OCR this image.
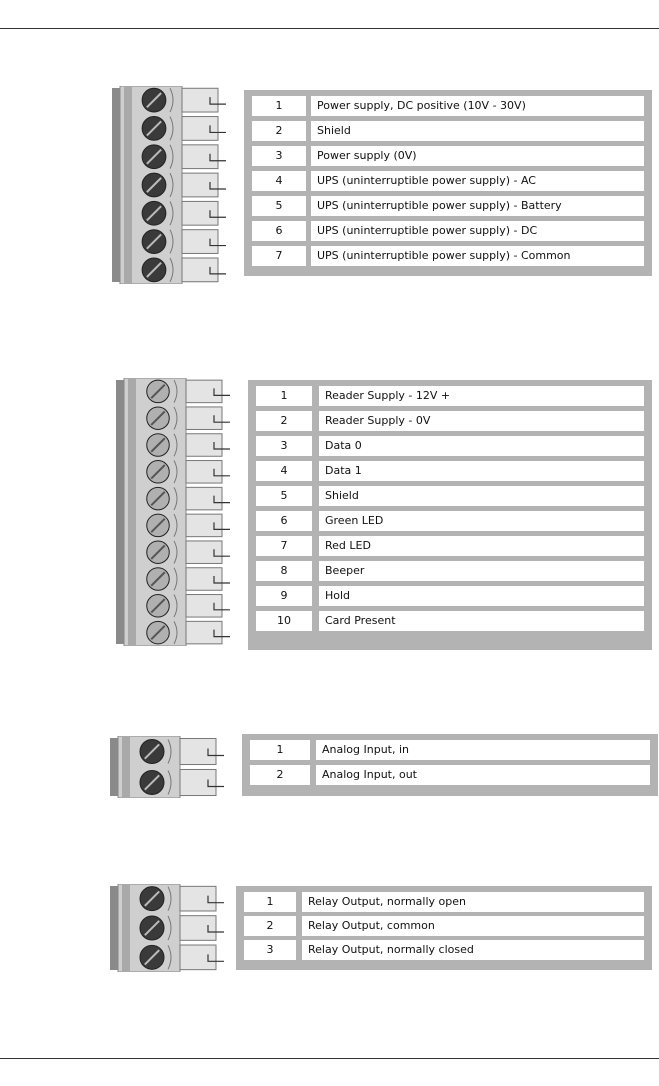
1	Power supply, DC positive (10V - 30V)
2	Shield
3	Power supply (0V)
4	UPS (uninterruptible power supply) - AC
5	UPS (uninterruptible power supply) - Battery
6	UPS (uninterruptible power supply) - DC
7	UPS (uninterruptible power supply) - Common
1	Reader Supply - 12V +
2	Reader Supply - 0V
3	Data 0
4	Data 1
5	Shield
6	Green LED
7	Red LED
8	Beeper
9	Hold
10	Card Present
1	Analog Input, in
2	Analog Input, out
1	Relay Output, normally open
2	Relay Output, common
3	Relay Output, normally closed
